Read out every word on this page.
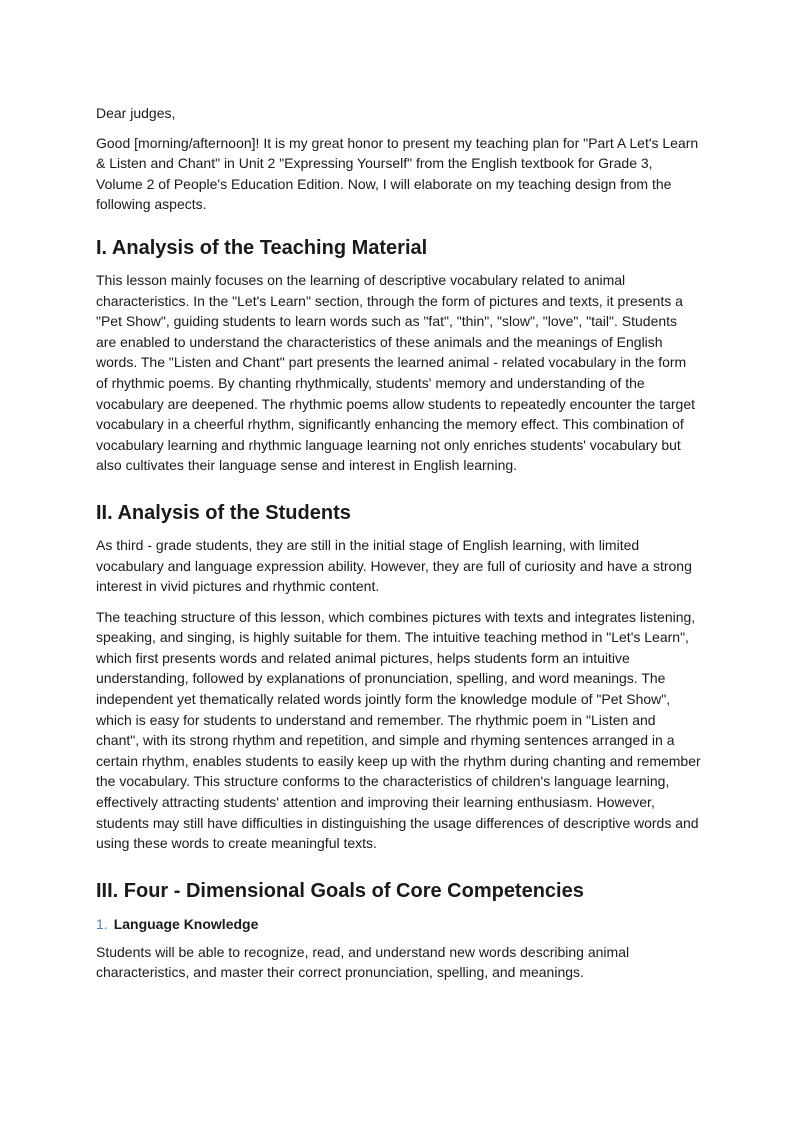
Dear judges,

Good [morning/afternoon]! It is my great honor to present my teaching plan for "Part A Let's Learn & Listen and Chant" in Unit 2 "Expressing Yourself" from the English textbook for Grade 3, Volume 2 of People's Education Edition. Now, I will elaborate on my teaching design from the following aspects.

I. Analysis of the Teaching Material

This lesson mainly focuses on the learning of descriptive vocabulary related to animal characteristics. In the "Let's Learn" section, through the form of pictures and texts, it presents a "Pet Show", guiding students to learn words such as "fat", "thin", "slow", "love", "tail". Students are enabled to understand the characteristics of these animals and the meanings of English words. The "Listen and Chant" part presents the learned animal - related vocabulary in the form of rhythmic poems. By chanting rhythmically, students' memory and understanding of the vocabulary are deepened. The rhythmic poems allow students to repeatedly encounter the target vocabulary in a cheerful rhythm, significantly enhancing the memory effect. This combination of vocabulary learning and rhythmic language learning not only enriches students' vocabulary but also cultivates their language sense and interest in English learning.

II. Analysis of the Students

As third - grade students, they are still in the initial stage of English learning, with limited vocabulary and language expression ability. However, they are full of curiosity and have a strong interest in vivid pictures and rhythmic content.

The teaching structure of this lesson, which combines pictures with texts and integrates listening, speaking, and singing, is highly suitable for them. The intuitive teaching method in "Let's Learn", which first presents words and related animal pictures, helps students form an intuitive understanding, followed by explanations of pronunciation, spelling, and word meanings. The independent yet thematically related words jointly form the knowledge module of "Pet Show", which is easy for students to understand and remember. The rhythmic poem in "Listen and chant", with its strong rhythm and repetition, and simple and rhyming sentences arranged in a certain rhythm, enables students to easily keep up with the rhythm during chanting and remember the vocabulary. This structure conforms to the characteristics of children's language learning, effectively attracting students' attention and improving their learning enthusiasm. However, students may still have difficulties in distinguishing the usage differences of descriptive words and using these words to create meaningful texts.

III. Four - Dimensional Goals of Core Competencies
1. Language Knowledge

Students will be able to recognize, read, and understand new words describing animal characteristics, and master their correct pronunciation, spelling, and meanings.
